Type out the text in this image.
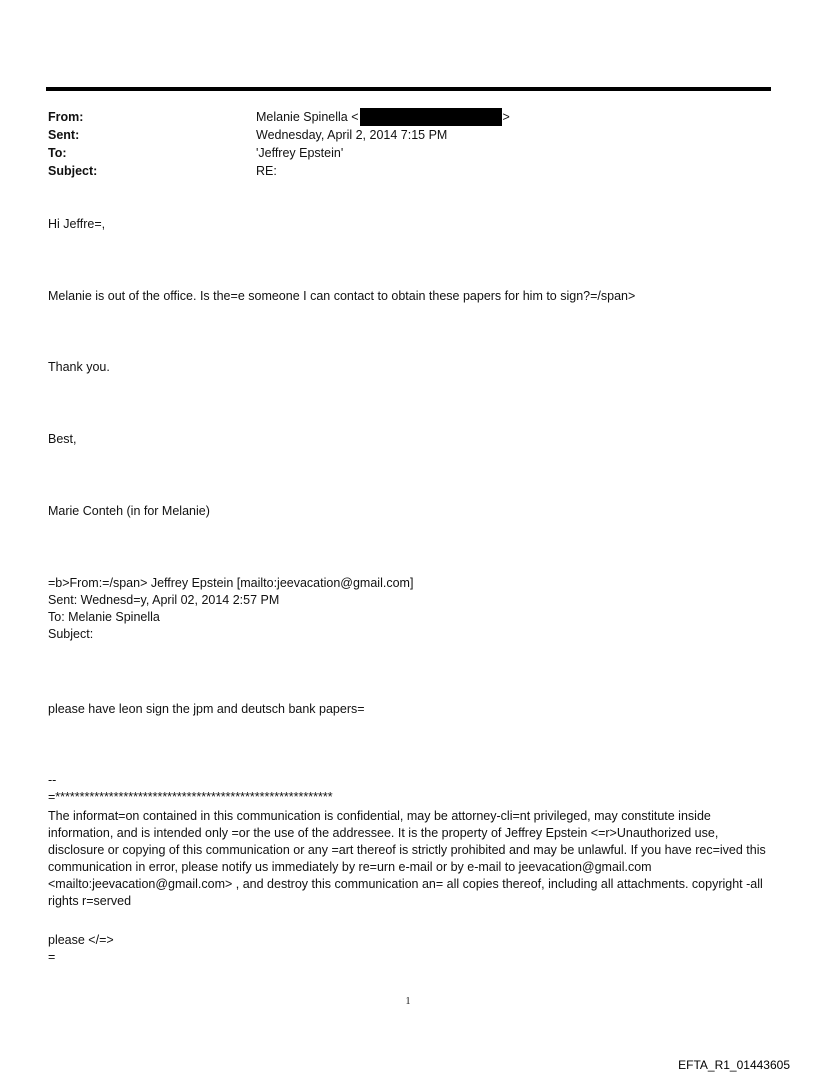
From:	Melanie Spinella <	>
Sent:	Wednesday, April 2, 2014 7:15 PM
To:	'Jeffrey Epstein'
Subject:	RE:
Hi Jeffre=,
Melanie is out of the office. Is the=e someone I can contact to obtain these papers for him to sign?=/span>
Thank you.
Best,
Marie Conteh (in for Melanie)
=b>From:=/span> Jeffrey Epstein [mailto:jeevacation@gmail.com]
Sent: Wednesd=y, April 02, 2014 2:57 PM
To: Melanie Spinella
Subject:
please have leon sign the jpm and deutsch bank papers=
--
=*********************************************************
The informat=on contained in this communication is confidential, may be attorney-cli=nt privileged, may constitute inside information, and is intended only =or the use of the addressee. It is the property of Jeffrey Epstein <=r>Unauthorized use, disclosure or copying of this communication or any =art thereof is strictly prohibited and may be unlawful. If you have rec=ived this communication in error, please notify us immediately by re=urn e-mail or by e-mail to jeevacation@gmail.com <mailto:jeevacation@gmail.com> , and destroy this communication an= all copies thereof, including all attachments. copyright -all rights r=served
please </=>
=
1
EFTA_R1_01443605
